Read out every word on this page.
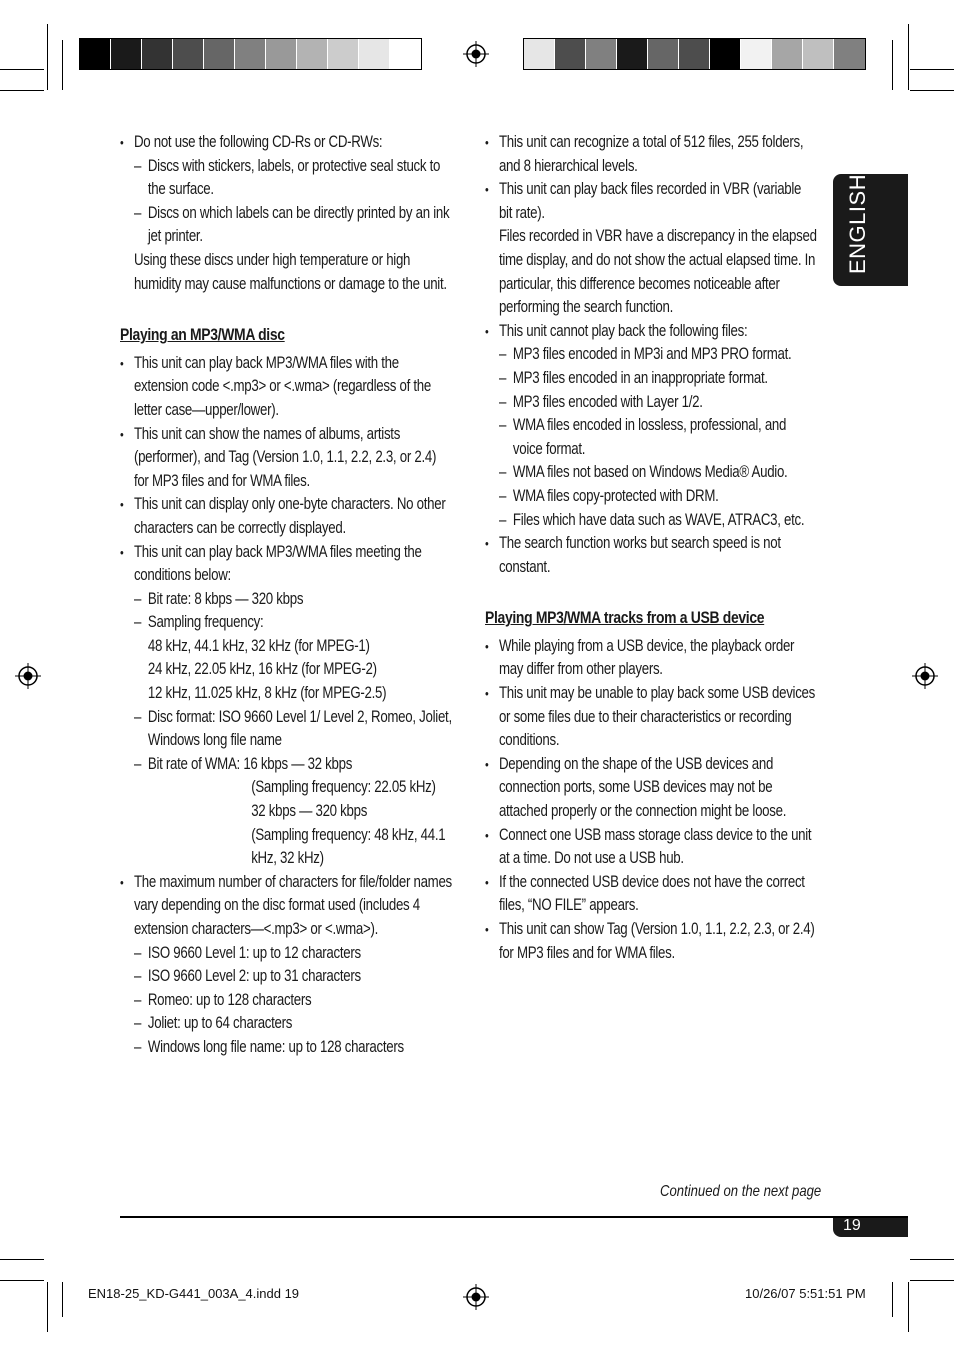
ENGLISH
• Do not use the following CD-Rs or CD-RWs:
– Discs with stickers, labels, or protective seal stuck to the surface.
– Discs on which labels can be directly printed by an ink jet printer.
Using these discs under high temperature or high humidity may cause malfunctions or damage to the unit.
Playing an MP3/WMA disc
• This unit can play back MP3/WMA files with the extension code <.mp3> or <.wma> (regardless of the letter case—upper/lower).
• This unit can show the names of albums, artists (performer), and Tag (Version 1.0, 1.1, 2.2, 2.3, or 2.4) for MP3 files and for WMA files.
• This unit can display only one-byte characters. No other characters can be correctly displayed.
• This unit can play back MP3/WMA files meeting the conditions below:
– Bit rate: 8 kbps — 320 kbps
– Sampling frequency:
48 kHz, 44.1 kHz, 32 kHz (for MPEG-1)
24 kHz, 22.05 kHz, 16 kHz (for MPEG-2)
12 kHz, 11.025 kHz, 8 kHz (for MPEG-2.5)
– Disc format: ISO 9660 Level 1/ Level 2, Romeo, Joliet, Windows long file name
– Bit rate of WMA: 16 kbps — 32 kbps
(Sampling frequency: 22.05 kHz)
32 kbps — 320 kbps
(Sampling frequency: 48 kHz, 44.1 kHz, 32 kHz)
• The maximum number of characters for file/folder names vary depending on the disc format used (includes 4 extension characters—<.mp3> or <.wma>).
– ISO 9660 Level 1: up to 12 characters
– ISO 9660 Level 2: up to 31 characters
– Romeo: up to 128 characters
– Joliet: up to 64 characters
– Windows long file name: up to 128 characters
• This unit can recognize a total of 512 files, 255 folders, and 8 hierarchical levels.
• This unit can play back files recorded in VBR (variable bit rate).
Files recorded in VBR have a discrepancy in the elapsed time display, and do not show the actual elapsed time. In particular, this difference becomes noticeable after performing the search function.
• This unit cannot play back the following files:
– MP3 files encoded in MP3i and MP3 PRO format.
– MP3 files encoded in an inappropriate format.
– MP3 files encoded with Layer 1/2.
– WMA files encoded in lossless, professional, and voice format.
– WMA files not based on Windows Media® Audio.
– WMA files copy-protected with DRM.
– Files which have data such as WAVE, ATRAC3, etc.
• The search function works but search speed is not constant.
Playing MP3/WMA tracks from a USB device
• While playing from a USB device, the playback order may differ from other players.
• This unit may be unable to play back some USB devices or some files due to their characteristics or recording conditions.
• Depending on the shape of the USB devices and connection ports, some USB devices may not be attached properly or the connection might be loose.
• Connect one USB mass storage class device to the unit at a time. Do not use a USB hub.
• If the connected USB device does not have the correct files, “NO FILE” appears.
• This unit can show Tag (Version 1.0, 1.1, 2.2, 2.3, or 2.4) for MP3 files and for WMA files.
Continued on the next page
19
EN18-25_KD-G441_003A_4.indd 19	10/26/07 5:51:51 PM
